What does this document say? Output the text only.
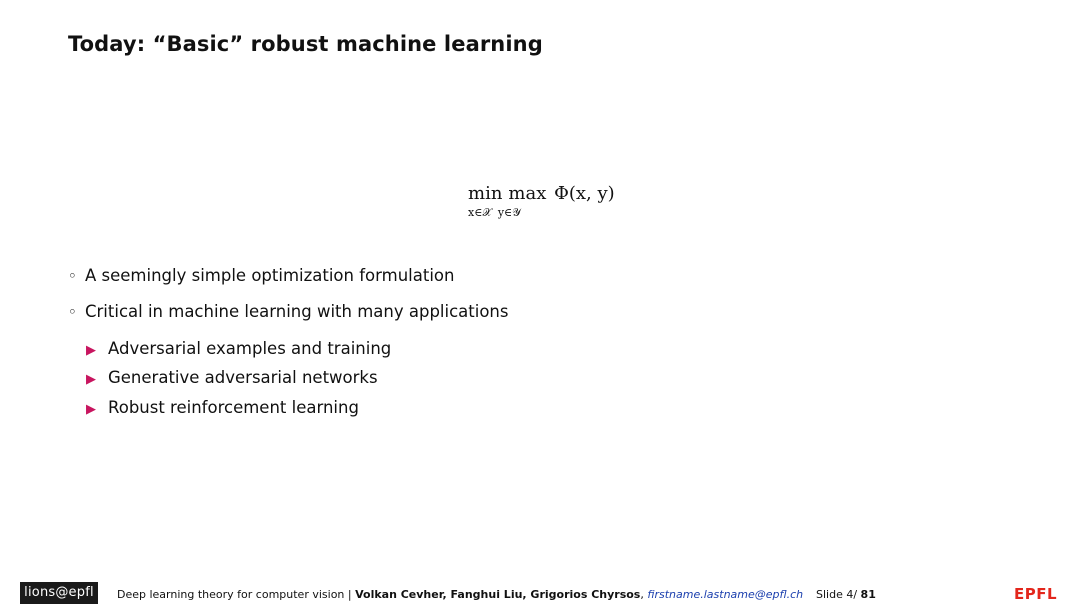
Today: “Basic” robust machine learning
min max Φ(x, y)
x∈𝒳 y∈𝒴
◦ A seemingly simple optimization formulation
◦ Critical in machine learning with many applications
▶ Adversarial examples and training
▶ Generative adversarial networks
▶ Robust reinforcement learning
lions@epfl	Deep learning theory for computer vision | Volkan Cevher, Fanghui Liu, Grigorios Chyrsos, firstname.lastname@epfl.ch Slide 4/ 81	EPFL
